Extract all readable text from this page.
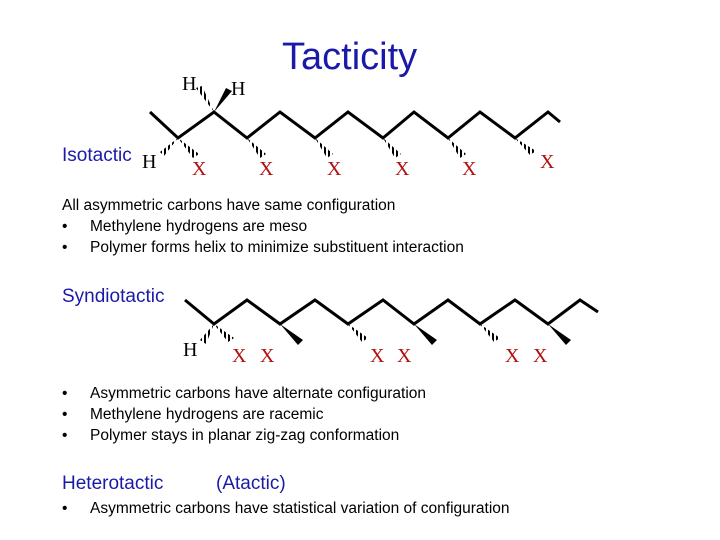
Tacticity
H H
H X	X	X	X	X	X
H X X	X X	X X
Isotactic
All asymmetric carbons have same configuration
• Methylene hydrogens are meso
• Polymer forms helix to minimize substituent interaction
Syndiotactic
• Asymmetric carbons have alternate configuration
• Methylene hydrogens are racemic
• Polymer stays in planar zig-zag conformation
Heterotactic	(Atactic)
• Asymmetric carbons have statistical variation of configuration
